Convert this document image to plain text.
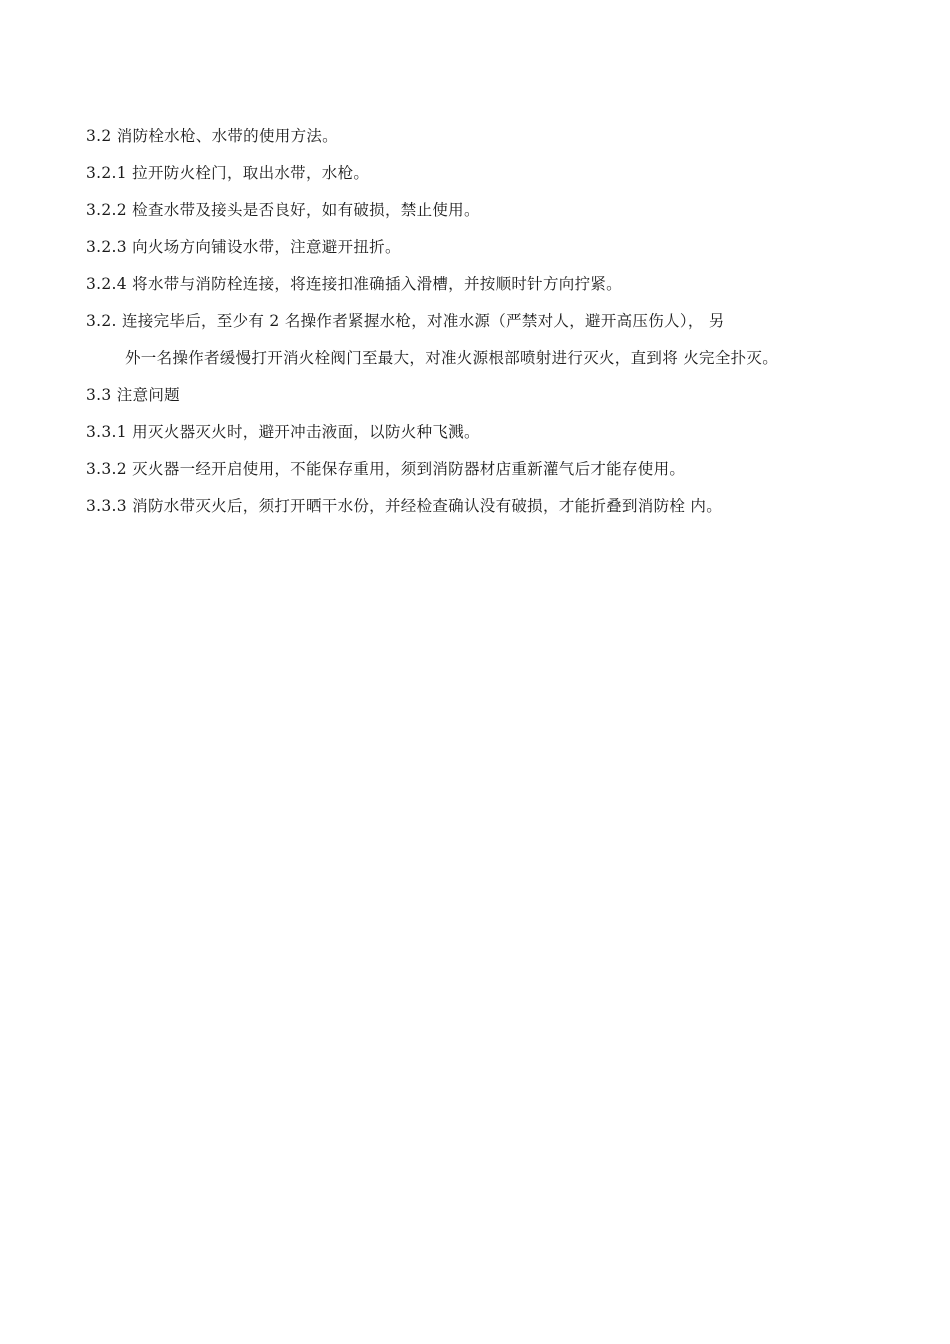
3.2 消防栓水枪、水带的使用方法。
3.2.1 拉开防火栓门，取出水带，水枪。
3.2.2 检查水带及接头是否良好，如有破损，禁止使用。
3.2.3 向火场方向铺设水带，注意避开扭折。
3.2.4 将水带与消防栓连接，将连接扣准确插入滑槽，并按顺时针方向拧紧。
3.2. 连接完毕后，至少有 2 名操作者紧握水枪，对准水源（严禁对人，避开高压伤人）， 另
外一名操作者缓慢打开消火栓阀门至最大，对准火源根部喷射进行灭火，直到将 火完全扑灭。
3.3 注意问题
3.3.1 用灭火器灭火时，避开冲击液面，以防火种飞溅。
3.3.2 灭火器一经开启使用，不能保存重用，须到消防器材店重新灌气后才能存使用。
3.3.3 消防水带灭火后，须打开晒干水份，并经检查确认没有破损，才能折叠到消防栓 内。
